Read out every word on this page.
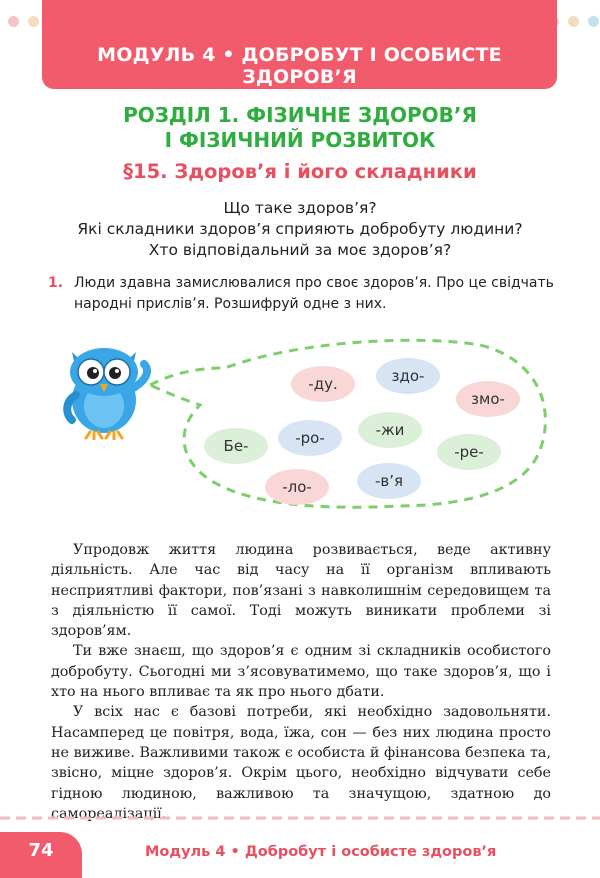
МОДУЛЬ 4 • ДОБРОБУТ І ОСОБИСТЕ ЗДОРОВ’Я
РОЗДІЛ 1. ФІЗИЧНЕ ЗДОРОВ’Я
І ФІЗИЧНИЙ РОЗВИТОК
§15. Здоров’я і його складники
Що таке здоров’я?
Які складники здоров’я сприяють добробуту людини?
Хто відповідальний за моє здоров’я?
1. Люди здавна замислювалися про своє здоров’я. Про це свідчать народні прислів’я. Розшифруй одне з них.
-ду.	здо-
змо-
Бе-	-ро-	-жи
-ре-
-ло-	-в’я

Упродовж життя людина розвивається, веде активну діяльність. Але час від часу на її організм впливають несприятливі фактори, пов’язані з навколишнім середовищем та з діяльністю її самої. Тоді можуть виникати проблеми зі здоров’ям.

Ти вже знаєш, що здоров’я є одним зі складників особистого добробуту. Сьогодні ми з’ясовуватимемо, що таке здоров’я, що і хто на нього впливає та як про нього дбати.

У всіх нас є базові потреби, які необхідно задовольняти. Насамперед це повітря, вода, їжа, сон — без них людина просто не виживе. Важливими також є особиста й фінансова безпека та, звісно, міцне здоров’я. Окрім цього, необхідно відчувати себе гідною людиною, важливою та значущою, здатною до самореалізації.

74	Модуль 4 • Добробут і особисте здоров’я
